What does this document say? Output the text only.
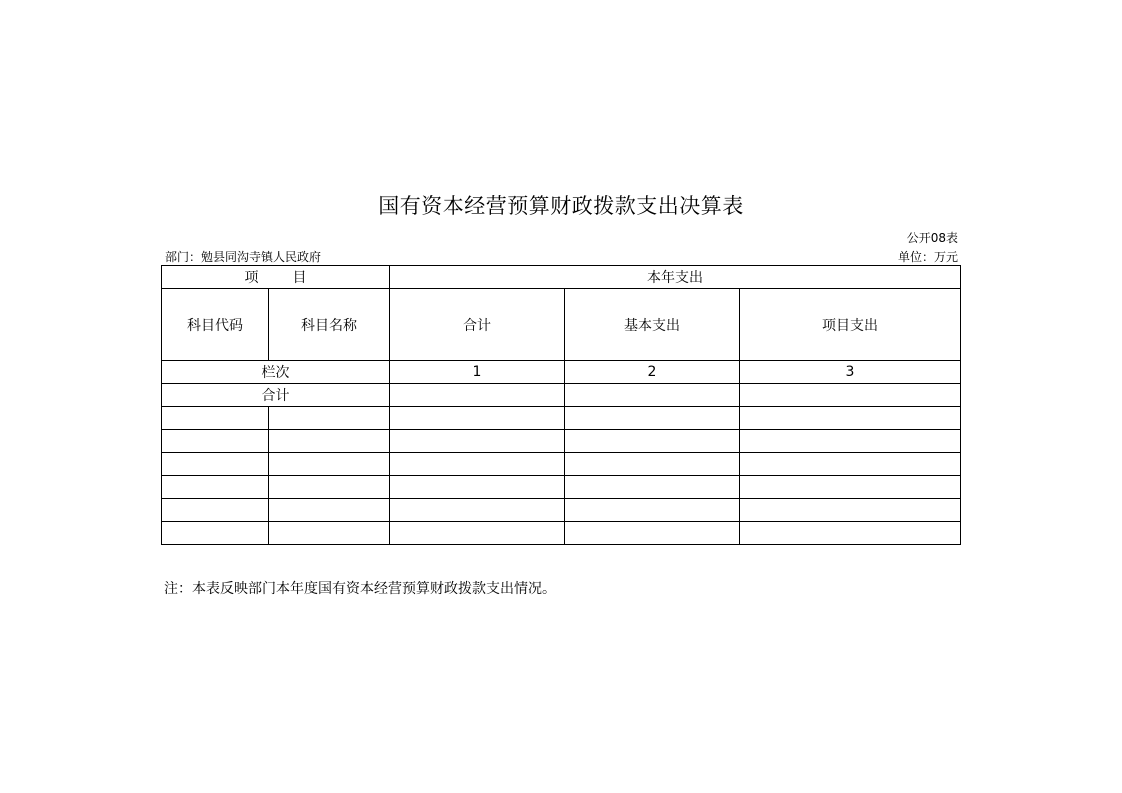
国有资本经营预算财政拨款支出决算表
公开08表
部门：勉县同沟寺镇人民政府	单位：万元
项 目		本年支出		
科目代码	科目名称	合计	基本支出	项目支出
栏次		1	2	3
合计				

注：本表反映部门本年度国有资本经营预算财政拨款支出情况。
